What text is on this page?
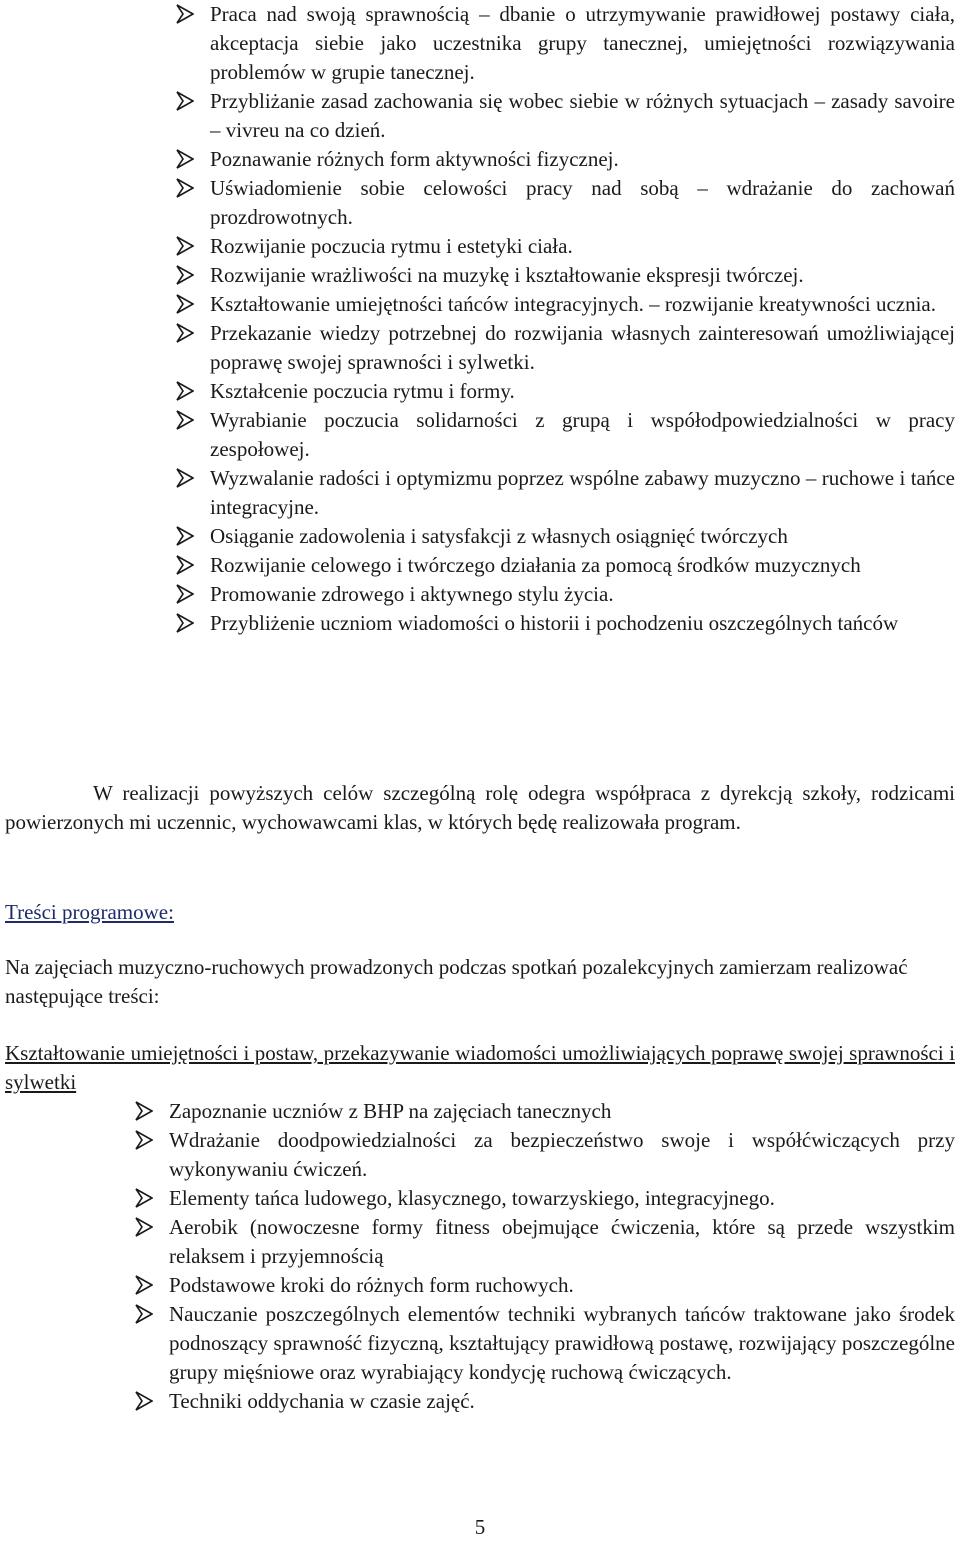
Praca nad swoją sprawnością – dbanie o utrzymywanie prawidłowej postawy ciała, akceptacja siebie jako uczestnika grupy tanecznej, umiejętności rozwiązywania problemów w grupie tanecznej.
Przybliżanie zasad zachowania się wobec siebie w różnych sytuacjach – zasady savoire – vivreu na co dzień.
Poznawanie różnych form aktywności fizycznej.
Uświadomienie sobie celowości pracy nad sobą – wdrażanie do zachowań prozdrowotnych.
Rozwijanie poczucia rytmu i estetyki ciała.
Rozwijanie wrażliwości na muzykę i kształtowanie ekspresji twórczej.
Kształtowanie umiejętności tańców integracyjnych. – rozwijanie kreatywności ucznia.
Przekazanie wiedzy potrzebnej do rozwijania własnych zainteresowań umożliwiającej poprawę swojej sprawności i sylwetki.
Kształcenie poczucia rytmu i formy.
Wyrabianie poczucia solidarności z grupą i współodpowiedzialności w pracy zespołowej.
Wyzwalanie radości i optymizmu poprzez wspólne zabawy muzyczno – ruchowe i tańce integracyjne.
Osiąganie zadowolenia i satysfakcji z własnych osiągnięć twórczych
Rozwijanie celowego i twórczego działania za pomocą środków muzycznych
Promowanie zdrowego i aktywnego stylu życia.
Przybliżenie uczniom wiadomości o historii i pochodzeniu oszczególnych tańców

W realizacji powyższych celów szczególną rolę odegra współpraca z dyrekcją szkoły, rodzicami powierzonych mi uczennic, wychowawcami klas, w których będę realizowała program.

Treści programowe:

Na zajęciach muzyczno-ruchowych prowadzonych podczas spotkań pozalekcyjnych zamierzam realizować następujące treści:

Kształtowanie umiejętności i postaw, przekazywanie wiadomości umożliwiających poprawę swojej sprawności i sylwetki

Zapoznanie uczniów z BHP na zajęciach tanecznych
Wdrażanie doodpowiedzialności za bezpieczeństwo swoje i współćwiczących przy wykonywaniu ćwiczeń.
Elementy tańca ludowego, klasycznego, towarzyskiego, integracyjnego.
Aerobik (nowoczesne formy fitness obejmujące ćwiczenia, które są przede wszystkim relaksem i przyjemnością
Podstawowe kroki do różnych form ruchowych.
Nauczanie poszczególnych elementów techniki wybranych tańców traktowane jako środek podnoszący sprawność fizyczną, kształtujący prawidłową postawę, rozwijający poszczególne grupy mięśniowe oraz wyrabiający kondycję ruchową ćwiczących.
Techniki oddychania w czasie zajęć.
5
